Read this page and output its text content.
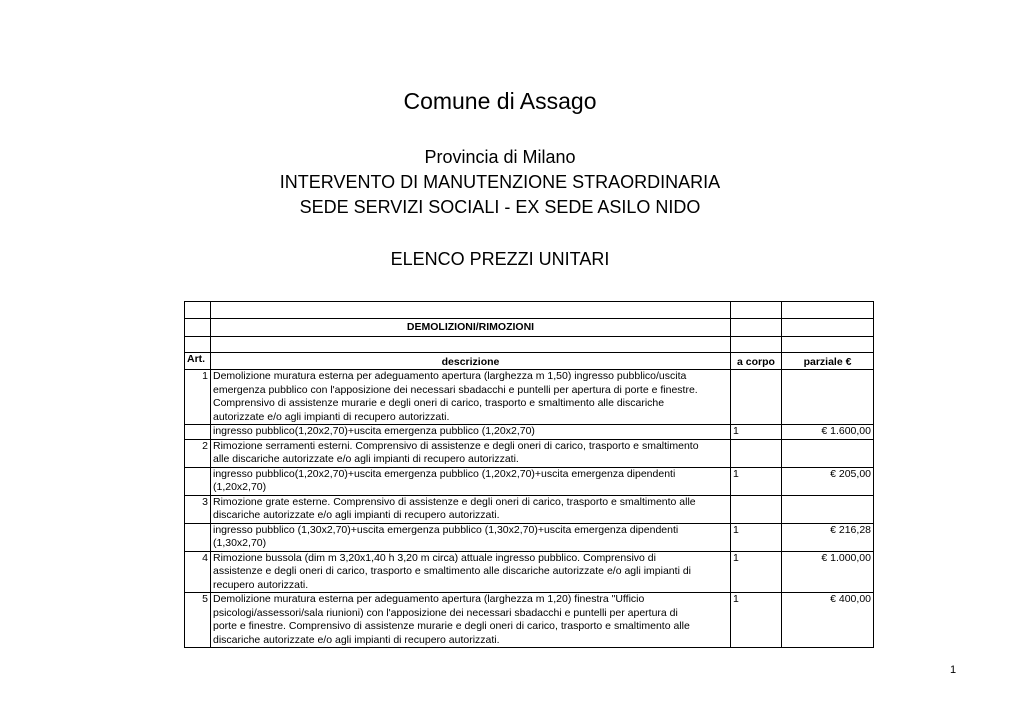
Comune di Assago
Provincia di Milano
INTERVENTO DI MANUTENZIONE STRAORDINARIA
SEDE SERVIZI SOCIALI - EX SEDE ASILO NIDO
ELENCO PREZZI UNITARI

	DEMOLIZIONI/RIMOZIONI		

Art.	descrizione	a corpo	parziale €
1	Demolizione muratura esterna per adeguamento apertura (larghezza m 1,50) ingresso pubblico/uscita
emergenza pubblico con l'apposizione dei necessari sbadacchi e puntelli per apertura di porte e finestre.
Comprensivo di assistenze murarie e degli oneri di carico, trasporto e smaltimento alle discariche
autorizzate e/o agli impianti di recupero autorizzati.		

	ingresso pubblico(1,20x2,70)+uscita emergenza pubblico (1,20x2,70)	1	€ 1.600,00
2	Rimozione serramenti esterni. Comprensivo di assistenze e degli oneri di carico, trasporto e smaltimento
alle discariche autorizzate e/o agli impianti di recupero autorizzati.		

	ingresso pubblico(1,20x2,70)+uscita emergenza pubblico (1,20x2,70)+uscita emergenza dipendenti
(1,20x2,70)	1	€ 205,00
3	Rimozione grate esterne. Comprensivo di assistenze e degli oneri di carico, trasporto e smaltimento alle
discariche autorizzate e/o agli impianti di recupero autorizzati.		

	ingresso pubblico (1,30x2,70)+uscita emergenza pubblico (1,30x2,70)+uscita emergenza dipendenti
(1,30x2,70)	1	€ 216,28
4	Rimozione bussola (dim m 3,20x1,40 h 3,20 m circa) attuale ingresso pubblico. Comprensivo di
assistenze e degli oneri di carico, trasporto e smaltimento alle discariche autorizzate e/o agli impianti di
recupero autorizzati.	1	€ 1.000,00
5	Demolizione muratura esterna per adeguamento apertura (larghezza m 1,20) finestra "Ufficio
psicologi/assessori/sala riunioni) con l'apposizione dei necessari sbadacchi e puntelli per apertura di
porte e finestre. Comprensivo di assistenze murarie e degli oneri di carico, trasporto e smaltimento alle
discariche autorizzate e/o agli impianti di recupero autorizzati.	1	€ 400,00
1
